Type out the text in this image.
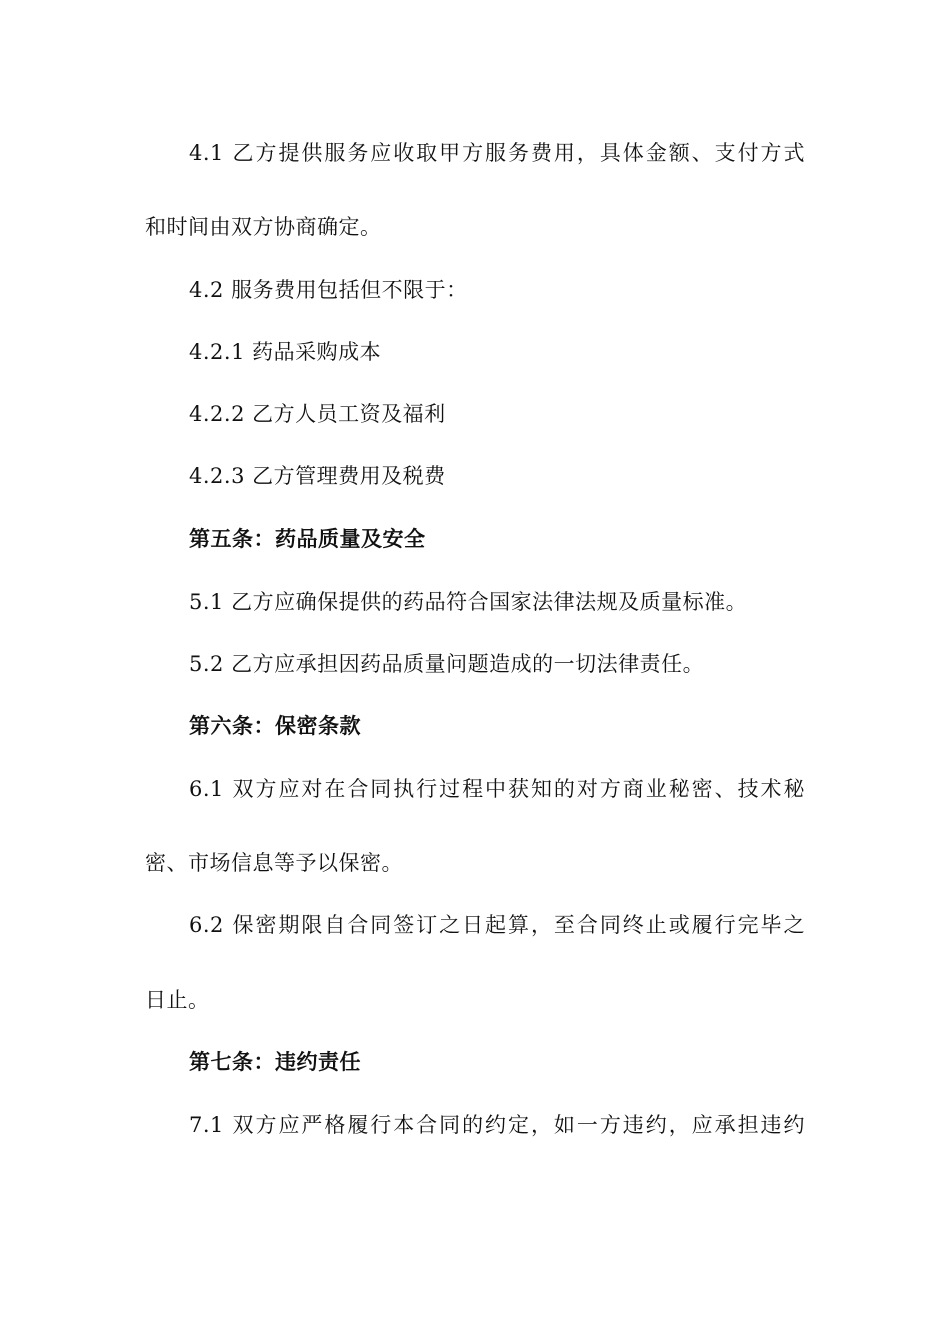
4.1 乙方提供服务应收取甲方服务费用，具体金额、支付方式
和时间由双方协商确定。
4.2 服务费用包括但不限于：
4.2.1 药品采购成本
4.2.2 乙方人员工资及福利
4.2.3 乙方管理费用及税费
第五条：药品质量及安全
5.1 乙方应确保提供的药品符合国家法律法规及质量标准。
5.2 乙方应承担因药品质量问题造成的一切法律责任。
第六条：保密条款
6.1 双方应对在合同执行过程中获知的对方商业秘密、技术秘
密、市场信息等予以保密。
6.2 保密期限自合同签订之日起算，至合同终止或履行完毕之
日止。
第七条：违约责任
7.1 双方应严格履行本合同的约定，如一方违约，应承担违约
